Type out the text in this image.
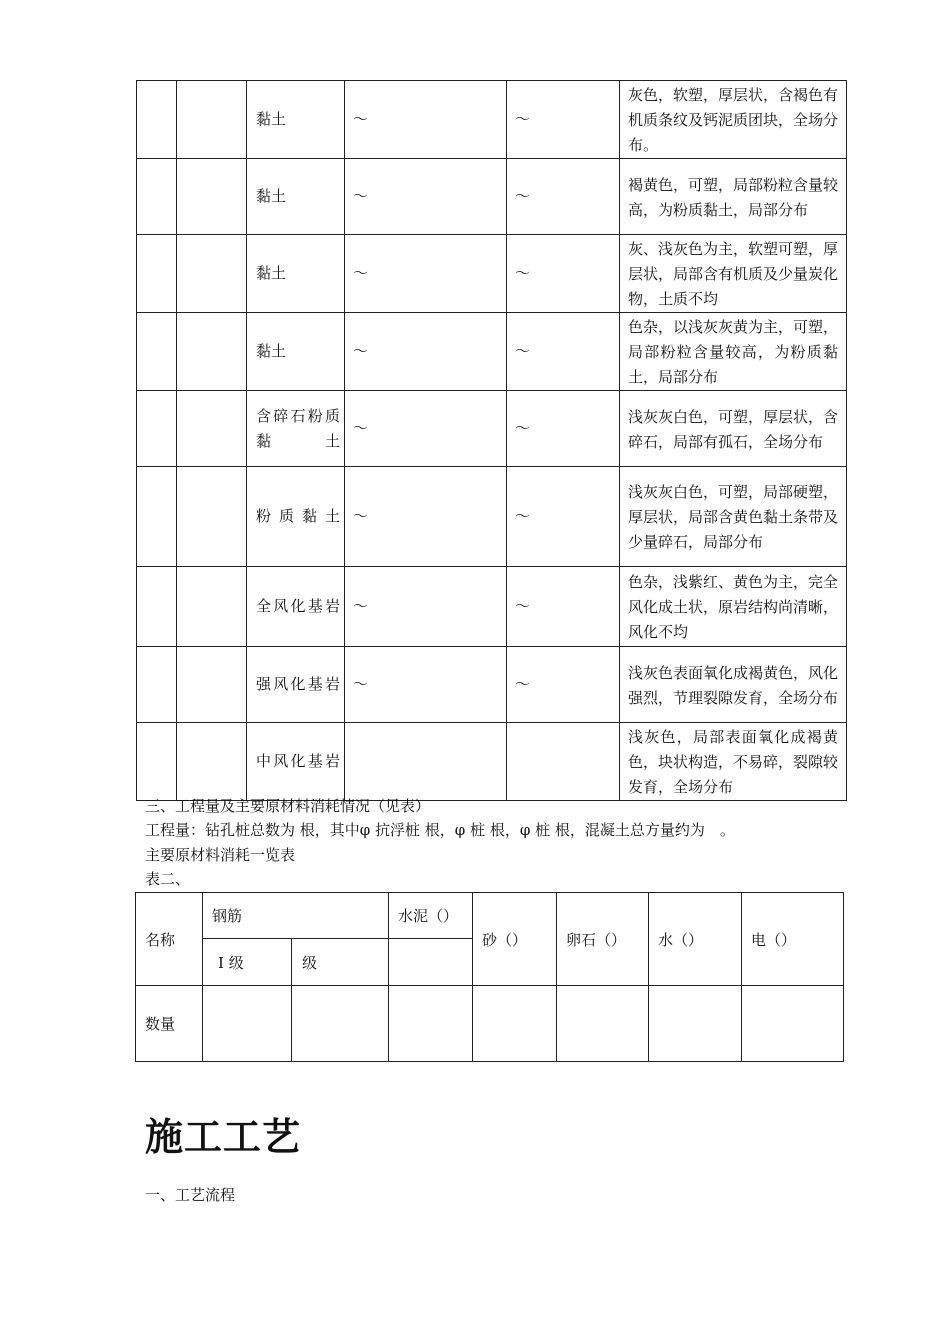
		黏土	～	～	灰色，软塑，厚层状，含褐色有机质条纹及钙泥质团块，全场分布。
		黏土	～	～	褐黄色，可塑，局部粉粒含量较高，为粉质黏土，局部分布
		黏土	～	～	灰、浅灰色为主，软塑可塑，厚层状，局部含有机质及少量炭化物，土质不均
		黏土	～	～	色杂，以浅灰灰黄为主，可塑，局部粉粒含量较高，为粉质黏土，局部分布
		含碎石粉质黏土	～	～	浅灰灰白色，可塑，厚层状，含碎石，局部有孤石，全场分布
		粉质黏土	～	～	浅灰灰白色，可塑，局部硬塑，厚层状，局部含黄色黏土条带及少量碎石，局部分布
		全风化基岩	～	～	色杂，浅紫红、黄色为主，完全风化成土状，原岩结构尚清晰，风化不均
		强风化基岩	～	～	浅灰色表面氧化成褐黄色，风化强烈，节理裂隙发育，全场分布
		中风化基岩			浅灰色，局部表面氧化成褐黄色，块状构造，不易碎，裂隙较发育，全场分布
三、工程量及主要原材料消耗情况（见表）
工程量：钻孔桩总数为 根，其中φ 抗浮桩 根，φ 桩 根，φ 桩 根，混凝土总方量约为　。
主要原材料消耗一览表
表二、
名称	钢筋		水泥（）	砂（）	卵石（）	水（）	电（）
	Ⅰ 级	级					
数量							
施工工艺
一、工艺流程
